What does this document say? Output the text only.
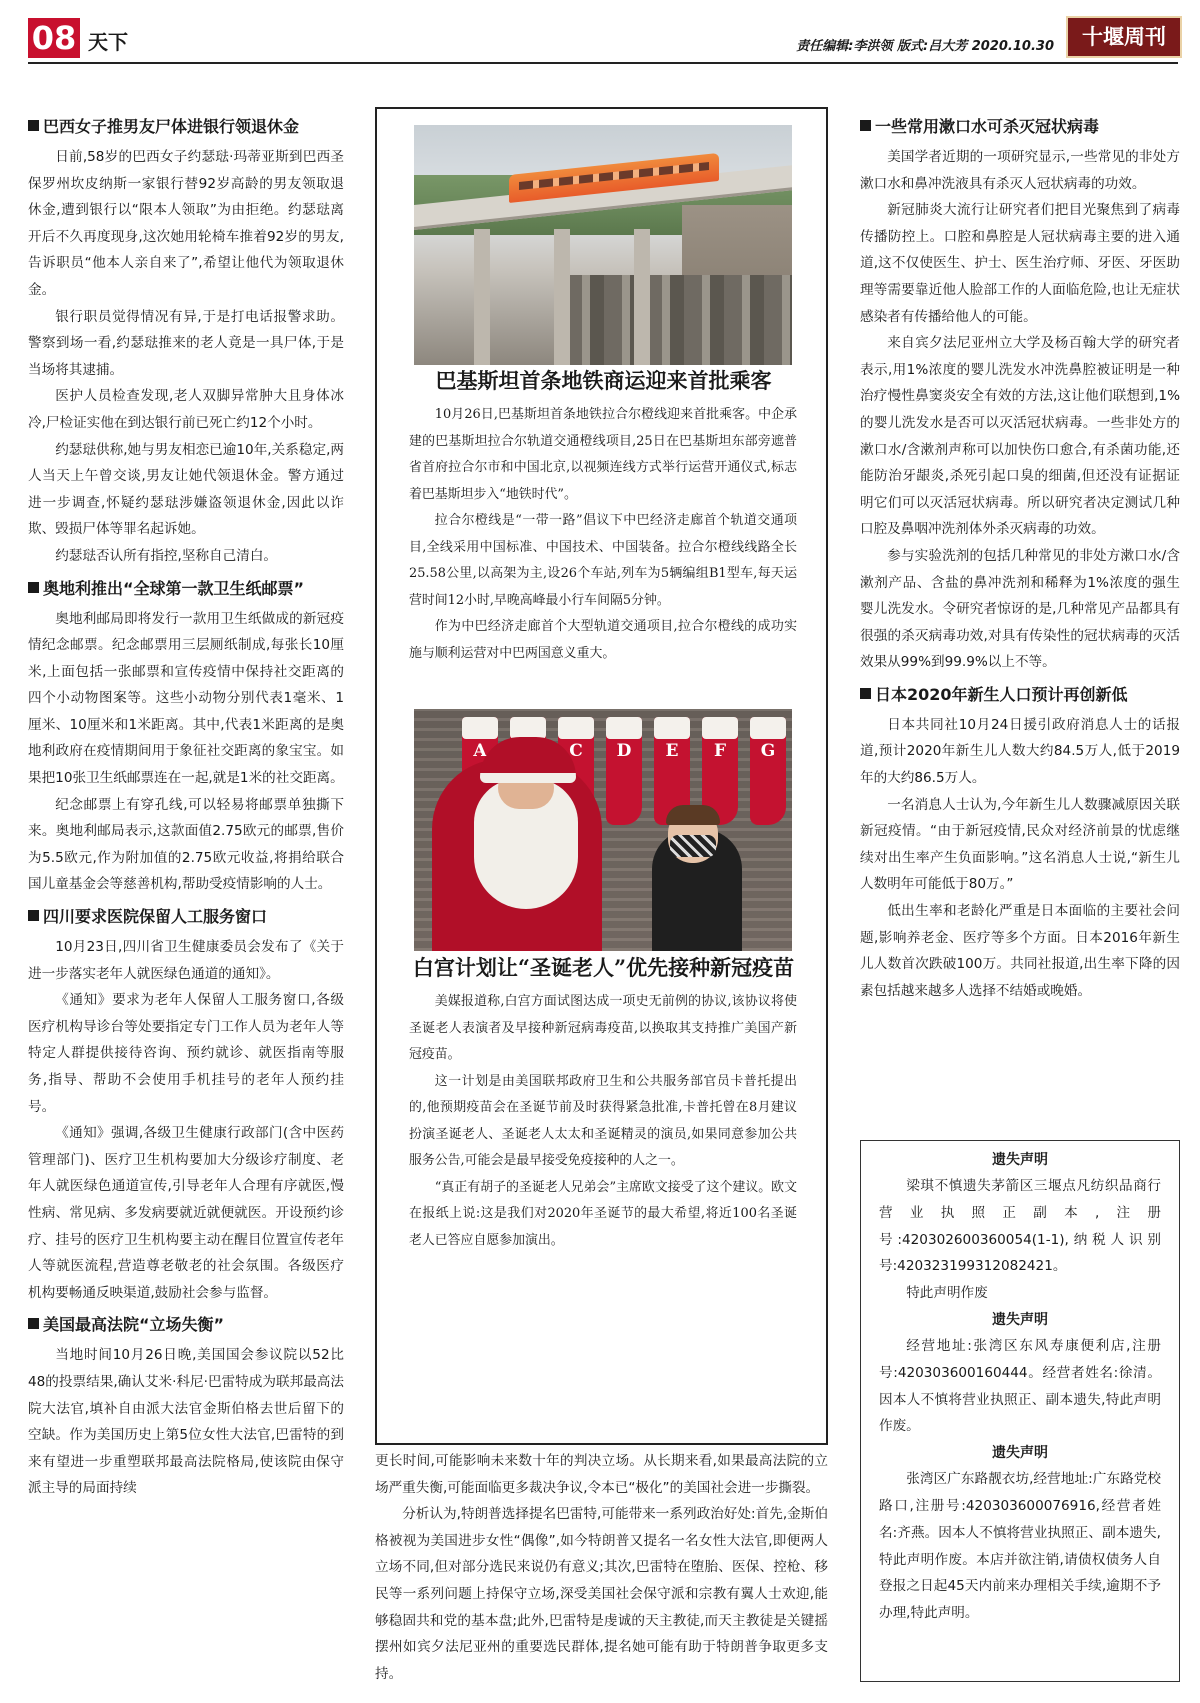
08 天下	责任编辑:李洪领 版式:吕大芳 2020.10.30	十堰周刊
巴西女子推男友尸体进银行领退休金

日前,58岁的巴西女子约瑟琺·玛蒂亚斯到巴西圣保罗州坎皮纳斯一家银行替92岁高龄的男友领取退休金,遭到银行以“限本人领取”为由拒绝。约瑟琺离开后不久再度现身,这次她用轮椅车推着92岁的男友,告诉职员“他本人亲自来了”,希望让他代为领取退休金。

银行职员觉得情况有异,于是打电话报警求助。警察到场一看,约瑟琺推来的老人竟是一具尸体,于是当场将其逮捕。

医护人员检查发现,老人双脚异常肿大且身体冰冷,尸检证实他在到达银行前已死亡约12个小时。

约瑟琺供称,她与男友相恋已逾10年,关系稳定,两人当天上午曾交谈,男友让她代领退休金。警方通过进一步调查,怀疑约瑟琺涉嫌盗领退休金,因此以诈欺、毁损尸体等罪名起诉她。

约瑟琺否认所有指控,坚称自己清白。

奥地利推出“全球第一款卫生纸邮票”

奥地利邮局即将发行一款用卫生纸做成的新冠疫情纪念邮票。纪念邮票用三层厕纸制成,每张长10厘米,上面包括一张邮票和宣传疫情中保持社交距离的四个小动物图案等。这些小动物分别代表1毫米、1厘米、10厘米和1米距离。其中,代表1米距离的是奥地利政府在疫情期间用于象征社交距离的象宝宝。如果把10张卫生纸邮票连在一起,就是1米的社交距离。

纪念邮票上有穿孔线,可以轻易将邮票单独撕下来。奥地利邮局表示,这款面值2.75欧元的邮票,售价为5.5欧元,作为附加值的2.75欧元收益,将捐给联合国儿童基金会等慈善机构,帮助受疫情影响的人士。

四川要求医院保留人工服务窗口

10月23日,四川省卫生健康委员会发布了《关于进一步落实老年人就医绿色通道的通知》。

《通知》要求为老年人保留人工服务窗口,各级医疗机构导诊台等处要指定专门工作人员为老年人等特定人群提供接待咨询、预约就诊、就医指南等服务,指导、帮助不会使用手机挂号的老年人预约挂号。

《通知》强调,各级卫生健康行政部门(含中医药管理部门)、医疗卫生机构要加大分级诊疗制度、老年人就医绿色通道宣传,引导老年人合理有序就医,慢性病、常见病、多发病要就近就便就医。开设预约诊疗、挂号的医疗卫生机构要主动在醒目位置宣传老年人等就医流程,营造尊老敬老的社会氛围。各级医疗机构要畅通反映渠道,鼓励社会参与监督。

美国最高法院“立场失衡”

当地时间10月26日晚,美国国会参议院以52比48的投票结果,确认艾米·科尼·巴雷特成为联邦最高法院大法官,填补自由派大法官金斯伯格去世后留下的空缺。作为美国历史上第5位女性大法官,巴雷特的到来有望进一步重塑联邦最高法院格局,使该院由保守派主导的局面持续

巴基斯坦首条地铁商运迎来首批乘客

10月26日,巴基斯坦首条地铁拉合尔橙线迎来首批乘客。中企承建的巴基斯坦拉合尔轨道交通橙线项目,25日在巴基斯坦东部旁遮普省首府拉合尔市和中国北京,以视频连线方式举行运营开通仪式,标志着巴基斯坦步入“地铁时代”。

拉合尔橙线是“一带一路”倡议下中巴经济走廊首个轨道交通项目,全线采用中国标准、中国技术、中国装备。拉合尔橙线线路全长25.58公里,以高架为主,设26个车站,列车为5辆编组B1型车,每天运营时间12小时,早晚高峰最小行车间隔5分钟。

作为中巴经济走廊首个大型轨道交通项目,拉合尔橙线的成功实施与顺利运营对中巴两国意义重大。

A	C	D	E	F	G
白宫计划让“圣诞老人”优先接种新冠疫苗

美媒报道称,白宫方面试图达成一项史无前例的协议,该协议将使圣诞老人表演者及早接种新冠病毒疫苗,以换取其支持推广美国产新冠疫苗。

这一计划是由美国联邦政府卫生和公共服务部官员卡普托提出的,他预期疫苗会在圣诞节前及时获得紧急批准,卡普托曾在8月建议扮演圣诞老人、圣诞老人太太和圣诞精灵的演员,如果同意参加公共服务公告,可能会是最早接受免疫接种的人之一。

“真正有胡子的圣诞老人兄弟会”主席欧文接受了这个建议。欧文在报纸上说:这是我们对2020年圣诞节的最大希望,将近100名圣诞老人已答应自愿参加演出。

更长时间,可能影响未来数十年的判决立场。从长期来看,如果最高法院的立场严重失衡,可能面临更多裁决争议,令本已“极化”的美国社会进一步撕裂。

分析认为,特朗普选择提名巴雷特,可能带来一系列政治好处:首先,金斯伯格被视为美国进步女性“偶像”,如今特朗普又提名一名女性大法官,即便两人立场不同,但对部分选民来说仍有意义;其次,巴雷特在堕胎、医保、控枪、移民等一系列问题上持保守立场,深受美国社会保守派和宗教有翼人士欢迎,能够稳固共和党的基本盘;此外,巴雷特是虔诚的天主教徒,而天主教徒是关键摇摆州如宾夕法尼亚州的重要选民群体,提名她可能有助于特朗普争取更多支持。

一些常用漱口水可杀灭冠状病毒

美国学者近期的一项研究显示,一些常见的非处方漱口水和鼻冲洗液具有杀灭人冠状病毒的功效。

新冠肺炎大流行让研究者们把目光聚焦到了病毒传播防控上。口腔和鼻腔是人冠状病毒主要的进入通道,这不仅使医生、护士、医生治疗师、牙医、牙医助理等需要靠近他人脸部工作的人面临危险,也让无症状感染者有传播给他人的可能。

来自宾夕法尼亚州立大学及杨百翰大学的研究者表示,用1%浓度的婴儿洗发水冲洗鼻腔被证明是一种治疗慢性鼻窦炎安全有效的方法,这让他们联想到,1%的婴儿洗发水是否可以灭活冠状病毒。一些非处方的漱口水/含漱剂声称可以加快伤口愈合,有杀菌功能,还能防治牙龈炎,杀死引起口臭的细菌,但还没有证据证明它们可以灭活冠状病毒。所以研究者决定测试几种口腔及鼻咽冲洗剂体外杀灭病毒的功效。

参与实验洗剂的包括几种常见的非处方漱口水/含漱剂产品、含盐的鼻冲洗剂和稀释为1%浓度的强生婴儿洗发水。令研究者惊讶的是,几种常见产品都具有很强的杀灭病毒功效,对具有传染性的冠状病毒的灭活效果从99%到99.9%以上不等。

日本2020年新生人口预计再创新低

日本共同社10月24日援引政府消息人士的话报道,预计2020年新生儿人数大约84.5万人,低于2019年的大约86.5万人。

一名消息人士认为,今年新生儿人数骤减原因关联新冠疫情。“由于新冠疫情,民众对经济前景的忧虑继续对出生率产生负面影响。”这名消息人士说,“新生儿人数明年可能低于80万。”

低出生率和老龄化严重是日本面临的主要社会问题,影响养老金、医疗等多个方面。日本2016年新生儿人数首次跌破100万。共同社报道,出生率下降的因素包括越来越多人选择不结婚或晚婚。

遗失声明

梁琪不慎遗失茅箭区三堰点凡纺织品商行营业执照正副本,注册号:420302600360054(1-1),纳税人识别号:420323199312082421。

特此声明作废

遗失声明

经营地址:张湾区东风寿康便利店,注册号:420303600160444。经营者姓名:徐清。因本人不慎将营业执照正、副本遗失,特此声明作废。

遗失声明

张湾区广东路靓衣坊,经营地址:广东路党校路口,注册号:420303600076916,经营者姓名:齐燕。因本人不慎将营业执照正、副本遗失,特此声明作废。本店并欲注销,请债权债务人自登报之日起45天内前来办理相关手续,逾期不予办理,特此声明。
